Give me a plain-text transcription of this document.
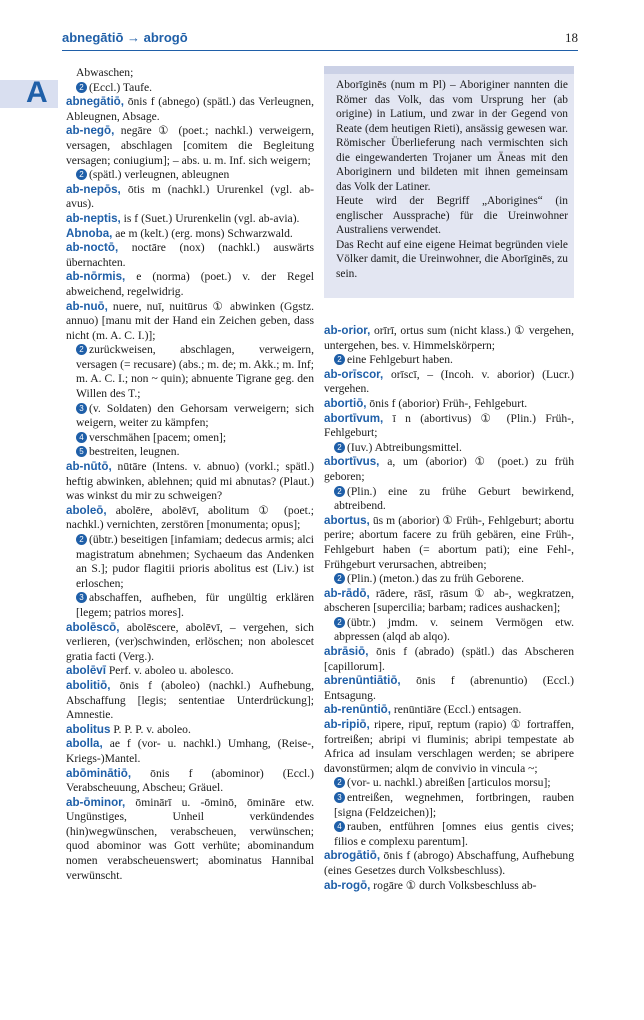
abnegātiō → abrogō	18
A
Abwaschen;
2 (Eccl.) Taufe.
abnegātiō, ōnis f (abnego) (spätl.) das Verleugnen, Ableugnen, Absage.
ab-negō, negāre ① (poet.; nachkl.) verweigern, versagen, abschlagen [comitem die Begleitung versagen; coniugium]; – abs. u. m. Inf. sich weigern;
2 (spätl.) verleugnen, ableugnen
ab-nepōs, ōtis m (nachkl.) Ururenkel (vgl. ab-avus).
ab-neptis, is f (Suet.) Ururenkelin (vgl. ab-avia).
Abnoba, ae m (kelt.) (erg. mons) Schwarzwald.
ab-noctō, noctāre (nox) (nachkl.) auswärts übernachten.
ab-nōrmis, e (norma) (poet.) v. der Regel abweichend, regelwidrig.
ab-nuō, nuere, nuī, nuitūrus ① abwinken (Ggstz. annuo) [manu mit der Hand ein Zeichen geben, dass nicht (m. A. C. I.)];
2 zurückweisen, abschlagen, verweigern, versagen (= recusare) (abs.; m. de; m. Akk.; m. Inf; m. A. C. I.; non ~ quin); abnuente Tigrane geg. den Willen des T.;
3 (v. Soldaten) den Gehorsam verweigern; sich weigern, weiter zu kämpfen;
4 verschmähen [pacem; omen];
5 bestreiten, leugnen.
ab-nūtō, nūtāre (Intens. v. abnuo) (vorkl.; spätl.) heftig abwinken, ablehnen; quid mi abnutas? (Plaut.) was winkst du mir zu schweigen?
aboleō, abolēre, abolēvī, abolitum ① (poet.; nachkl.) vernichten, zerstören [monumenta; opus];
2 (übtr.) beseitigen [infamiam; dedecus armis; alci magistratum abnehmen; Sychaeum das Andenken an S.]; pudor flagitii prioris abolitus est (Liv.) ist erloschen;
3 abschaffen, aufheben, für ungültig erklären [legem; patrios mores].
abolēscō, abolēscere, abolēvī, – vergehen, sich verlieren, (ver)schwinden, erlöschen; non abolescet gratia facti (Verg.).
abolēvī Perf. v. aboleo u. abolesco.
abolitiō, ōnis f (aboleo) (nachkl.) Aufhebung, Abschaffung [legis; sententiae Unterdrückung]; Amnestie.
abolitus P. P. P. v. aboleo.
abolla, ae f (vor- u. nachkl.) Umhang, (Reise-, Kriegs-)Mantel.
abōminātiō, ōnis f (abominor) (Eccl.) Verabscheuung, Abscheu; Gräuel.
ab-ōminor, ōminārī u. -ōminō, ōmināre etw. Ungünstiges, Unheil verkündendes (hin)wegwünschen, verabscheuen, verwünschen; quod abominor was Gott verhüte; abominandum nomen verabscheuenswert; abominatus Hannibal verwünscht.

Aborīginēs (num m Pl) – Aboriginer nannten die Römer das Volk, das vom Ursprung her (ab origine) in Latium, und zwar in der Gegend von Reate (dem heutigen Rieti), ansässig gewesen war. Römischer Überlieferung nach vermischten sich die eingewanderten Trojaner um Äneas mit den Aboriginern und bildeten mit ihnen gemeinsam das Volk der Latiner.

Heute wird der Begriff „Aborigines“ (in englischer Aussprache) für die Ureinwohner Australiens verwendet.

Das Recht auf eine eigene Heimat begründen viele Völker damit, die Ureinwohner, die Aborīginēs, zu sein.

ab-orior, orīrī, ortus sum (nicht klass.) ① vergehen, untergehen, bes. v. Himmelskörpern;
2 eine Fehlgeburt haben.
ab-orīscor, orīscī, – (Incoh. v. aborior) (Lucr.) vergehen.
abortiō, ōnis f (aborior) Früh-, Fehlgeburt.
abortīvum, ī n (abortivus) ① (Plin.) Früh-, Fehlgeburt;
2 (Iuv.) Abtreibungsmittel.
abortīvus, a, um (aborior) ① (poet.) zu früh geboren;
2 (Plin.) eine zu frühe Geburt bewirkend, abtreibend.
abortus, ūs m (aborior) ① Früh-, Fehlgeburt; abortu perire; abortum facere zu früh gebären, eine Früh-, Fehlgeburt haben (= abortum pati); eine Fehl-, Frühgeburt verursachen, abtreiben;
2 (Plin.) (meton.) das zu früh Geborene.
ab-rādō, rādere, rāsī, rāsum ① ab-, wegkratzen, abscheren [supercilia; barbam; radices aushacken];
2 (übtr.) jmdm. v. seinem Vermögen etw. abpressen (alqd ab alqo).
abrāsiō, ōnis f (abrado) (spätl.) das Abscheren [capillorum].
abrenūntiātiō, ōnis f (abrenuntio) (Eccl.) Entsagung.
ab-renūntiō, renūntiāre (Eccl.) entsagen.
ab-ripiō, ripere, ripuī, reptum (rapio) ① fortraffen, fortreißen; abripi vi fluminis; abripi tempestate ab Africa ad insulam verschlagen werden; se abripere davonstürmen; alqm de convivio in vincula ~;
2 (vor- u. nachkl.) abreißen [articulos morsu];
3 entreißen, wegnehmen, fortbringen, rauben [signa (Feldzeichen)];
4 rauben, entführen [omnes eius gentis cives; filios e complexu parentum].
abrogātiō, ōnis f (abrogo) Abschaffung, Aufhebung (eines Gesetzes durch Volksbeschluss).
ab-rogō, rogāre ① durch Volksbeschluss ab-
